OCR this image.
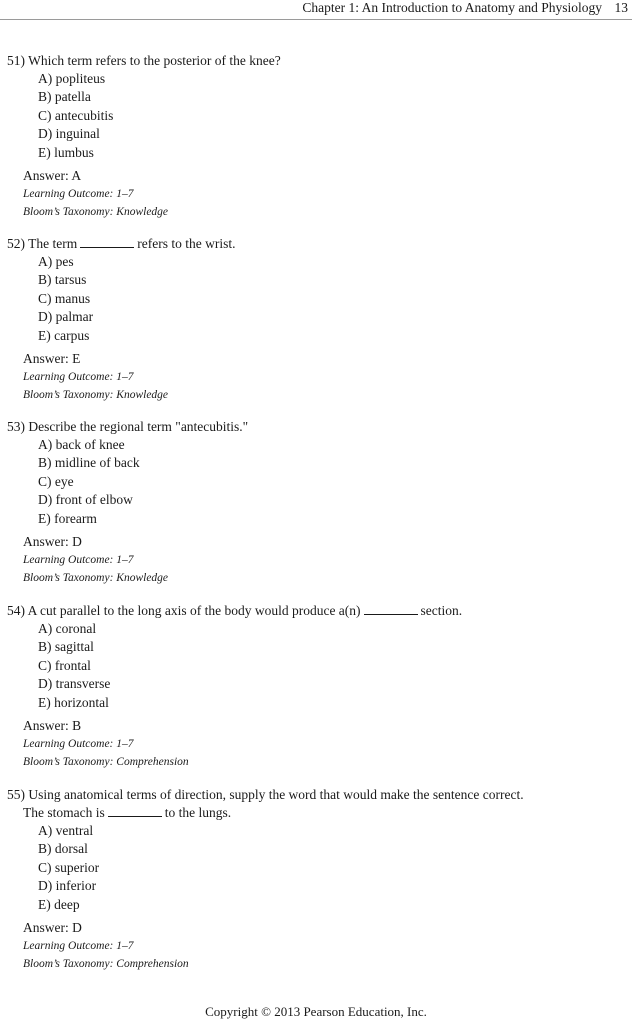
Chapter 1: An Introduction to Anatomy and Physiology 13

51) Which term refers to the posterior of the knee?

A) popliteus
B) patella
C) antecubitis
D) inguinal
E) lumbus

Answer: A

Learning Outcome: 1–7

Bloom’s Taxonomy: Knowledge

52) The term	refers to the wrist.

A) pes
B) tarsus
C) manus
D) palmar
E) carpus

Answer: E

Learning Outcome: 1–7

Bloom’s Taxonomy: Knowledge

53) Describe the regional term "antecubitis."

A) back of knee
B) midline of back
C) eye
D) front of elbow
E) forearm

Answer: D

Learning Outcome: 1–7

Bloom’s Taxonomy: Knowledge

54) A cut parallel to the long axis of the body would produce a(n)	section.

A) coronal
B) sagittal
C) frontal
D) transverse
E) horizontal

Answer: B

Learning Outcome: 1–7

Bloom’s Taxonomy: Comprehension

55) Using anatomical terms of direction, supply the word that would make the sentence correct.

The stomach is	to the lungs.

A) ventral
B) dorsal
C) superior
D) inferior
E) deep

Answer: D

Learning Outcome: 1–7

Bloom’s Taxonomy: Comprehension

Copyright © 2013 Pearson Education, Inc.
